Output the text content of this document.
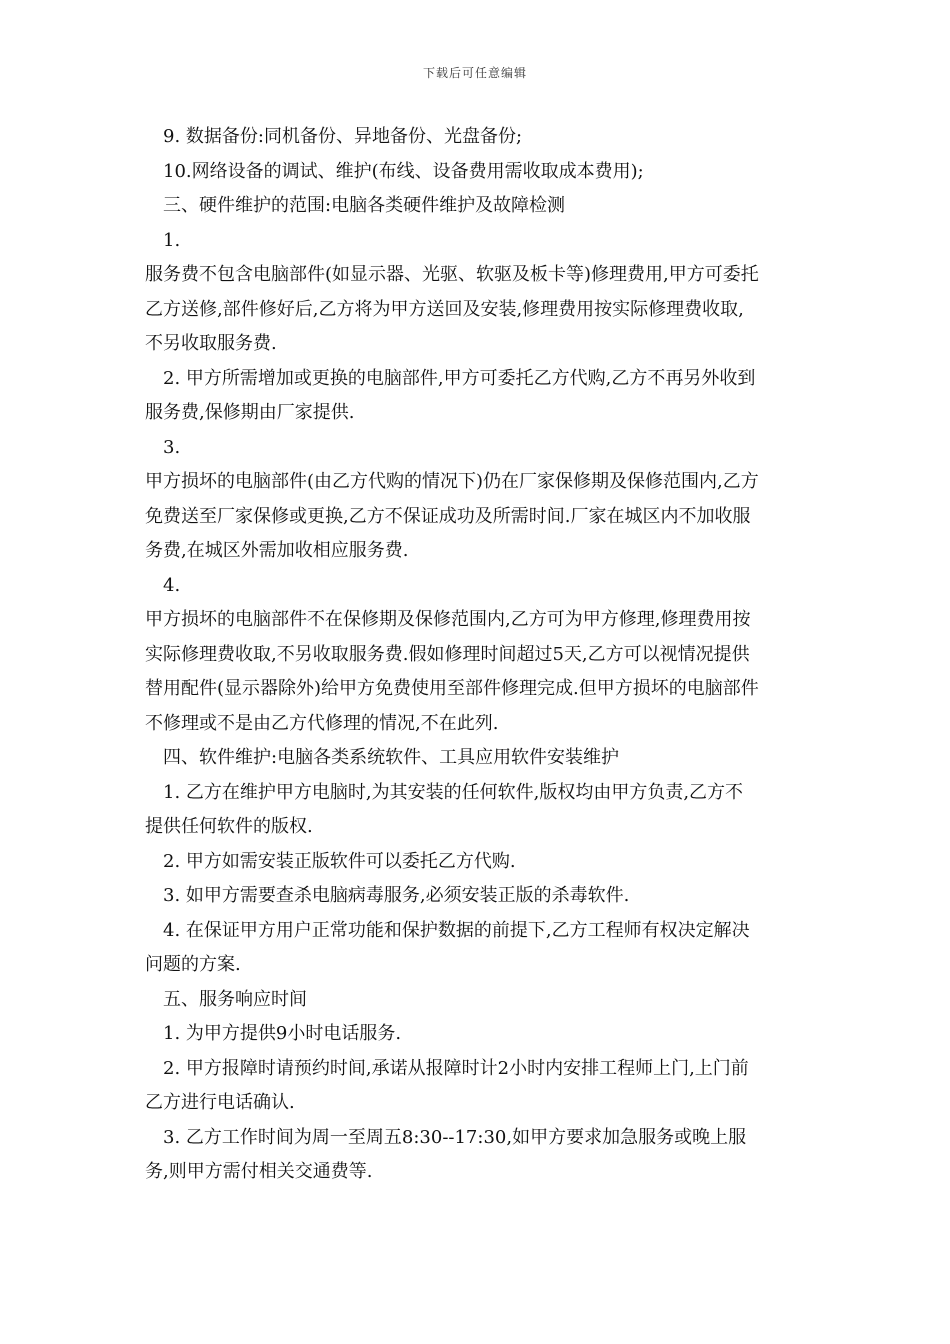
下载后可任意编辑
9. 数据备份:同机备份、异地备份、光盘备份;
10.网络设备的调试、维护(布线、设备费用需收取成本费用);
三、硬件维护的范围:电脑各类硬件维护及故障检测
1.
服务费不包含电脑部件(如显示器、光驱、软驱及板卡等)修理费用,甲方可委托
乙方送修,部件修好后,乙方将为甲方送回及安装,修理费用按实际修理费收取,
不另收取服务费.
2. 甲方所需增加或更换的电脑部件,甲方可委托乙方代购,乙方不再另外收到
服务费,保修期由厂家提供.
3.
甲方损坏的电脑部件(由乙方代购的情况下)仍在厂家保修期及保修范围内,乙方
免费送至厂家保修或更换,乙方不保证成功及所需时间.厂家在城区内不加收服
务费,在城区外需加收相应服务费.
4.
甲方损坏的电脑部件不在保修期及保修范围内,乙方可为甲方修理,修理费用按
实际修理费收取,不另收取服务费.假如修理时间超过5天,乙方可以视情况提供
替用配件(显示器除外)给甲方免费使用至部件修理完成.但甲方损坏的电脑部件
不修理或不是由乙方代修理的情况,不在此列.
四、软件维护:电脑各类系统软件、工具应用软件安装维护
1. 乙方在维护甲方电脑时,为其安装的任何软件,版权均由甲方负责,乙方不
提供任何软件的版权.
2. 甲方如需安装正版软件可以委托乙方代购.
3. 如甲方需要查杀电脑病毒服务,必须安装正版的杀毒软件.
4. 在保证甲方用户正常功能和保护数据的前提下,乙方工程师有权决定解决
问题的方案.
五、服务响应时间
1. 为甲方提供9小时电话服务.
2. 甲方报障时请预约时间,承诺从报障时计2小时内安排工程师上门,上门前
乙方进行电话确认.
3. 乙方工作时间为周一至周五8:30--17:30,如甲方要求加急服务或晚上服
务,则甲方需付相关交通费等.
